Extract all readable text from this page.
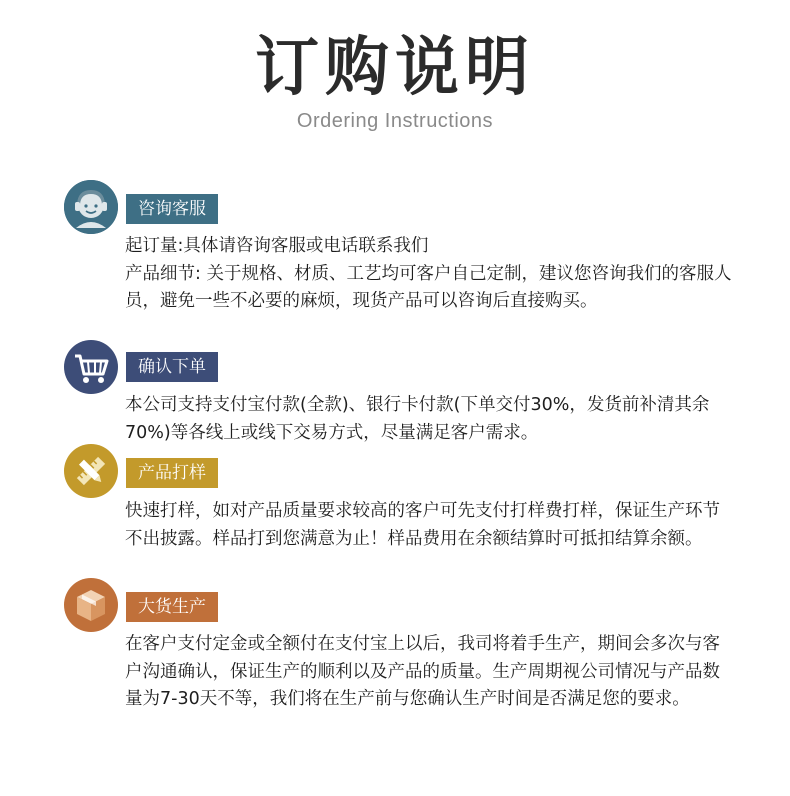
订购说明
Ordering Instructions
咨询客服

起订量:具体请咨询客服或电话联系我们

产品细节: 关于规格、材质、工艺均可客户自己定制，建议您咨询我们的客服人员，避免一些不必要的麻烦，现货产品可以咨询后直接购买。

确认下单

本公司支持支付宝付款(全款)、银行卡付款(下单交付30%，发货前补清其余70%)等各线上或线下交易方式，尽量满足客户需求。

产品打样

快速打样，如对产品质量要求较高的客户可先支付打样费打样，保证生产环节不出披露。样品打到您满意为止！样品费用在余额结算时可抵扣结算余额。

大货生产

在客户支付定金或全额付在支付宝上以后，我司将着手生产，期间会多次与客户沟通确认，保证生产的顺利以及产品的质量。生产周期视公司情况与产品数量为7-30天不等，我们将在生产前与您确认生产时间是否满足您的要求。
